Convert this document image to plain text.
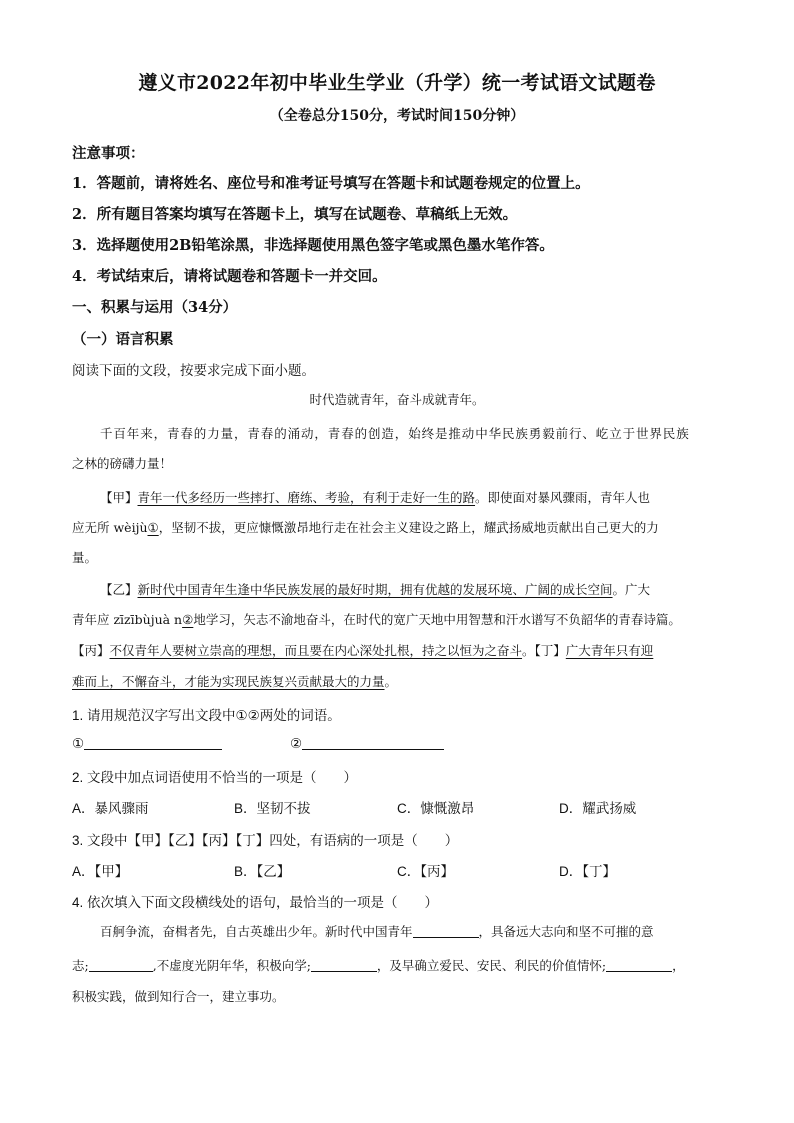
遵义市2022年初中毕业生学业（升学）统一考试语文试题卷
（全卷总分150分，考试时间150分钟）
注意事项：
1．答题前，请将姓名、座位号和准考证号填写在答题卡和试题卷规定的位置上。
2．所有题目答案均填写在答题卡上，填写在试题卷、草稿纸上无效。
3．选择题使用2B铅笔涂黑，非选择题使用黑色签字笔或黑色墨水笔作答。
4．考试结束后，请将试题卷和答题卡一并交回。
一、积累与运用（34分）
（一）语言积累
阅读下面的文段，按要求完成下面小题。
时代造就青年，奋斗成就青年。
千百年来，青春的力量，青春的涌动，青春的创造，始终是推动中华民族勇毅前行、屹立于世界民族
之林的磅礴力量！
【甲】青年一代多经历一些摔打、磨练、考验，有利于走好一生的路。即使面对暴风骤雨，青年人也
应无所 wèijù①，坚韧不拔，更应慷慨激昂地行走在社会主义建设之路上，耀武扬威地贡献出自己更大的力
量。
【乙】新时代中国青年生逢中华民族发展的最好时期，拥有优越的发展环境、广阔的成长空间。广大
青年应 zīzībùjuà n②地学习，矢志不渝地奋斗，在时代的宽广天地中用智慧和汗水谱写不负韶华的青春诗篇。
【丙】不仅青年人要树立崇高的理想，而且要在内心深处扎根，持之以恒为之奋斗。【丁】广大青年只有迎
难而上，不懈奋斗，才能为实现民族复兴贡献最大的力量。
1. 请用规范汉字写出文段中①②两处的词语。
①	②
2. 文段中加点词语使用不恰当的一项是（　　）
A．暴风骤雨	B．坚韧不拔	C．慷慨激昂	D．耀武扬威
3. 文段中【甲】【乙】【丙】【丁】四处，有语病的一项是（　　）
A．【甲】	B．【乙】	C．【丙】	D．【丁】
4. 依次填入下面文段横线处的语句，最恰当的一项是（　　）
百舸争流，奋楫者先，自古英雄出少年。新时代中国青年	，具备远大志向和坚不可摧的意
志;	,不虚度光阴年华，积极向学;	，及早确立爱民、安民、利民的价值情怀;	，
积极实践，做到知行合一，建立事功。
